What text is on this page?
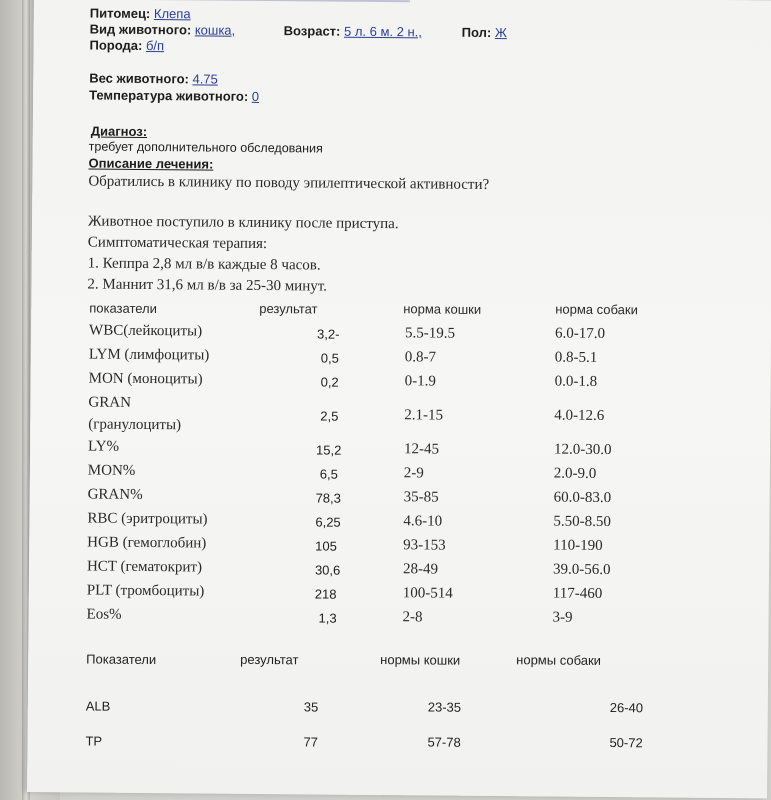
Питомец: Клепа
Вид животного: кошка,	Возраст: 5 л. 6 м. 2 н.,	Пол: Ж
Порода: б/п
Вес животного: 4.75
Температура животного: 0
Диагноз:
требует дополнительного обследования
Описание лечения:
Обратились в клинику по поводу эпилептической активности?
Животное поступило в клинику после приступа.
Симптоматическая терапия:
1. Кеппра 2,8 мл в/в каждые 8 часов.
2. Маннит 31,6 мл в/в за 25-30 минут.
показатели	результат	норма кошки	норма собаки
WBC(лейкоциты)	3,2-	5.5-19.5	6.0-17.0
LYM (лимфоциты)	0,5	0.8-7	0.8-5.1
MON (моноциты)	0,2	0-1.9	0.0-1.8
GRAN
(гранулоциты)
2,5	2.1-15	4.0-12.6
LY%	15,2	12-45	12.0-30.0
MON%	6,5	2-9	2.0-9.0
GRAN%	78,3	35-85	60.0-83.0
RBC (эритроциты)	6,25	4.6-10	5.50-8.50
HGB (гемоглобин)	105	93-153	110-190
HCT (гематокрит)	30,6	28-49	39.0-56.0
PLT (тромбоциты)	218	100-514	117-460
Eos%	1,3	2-8	3-9
Показатели	результат	нормы кошки	нормы собаки
ALB	35	23-35	26-40
TP	77	57-78	50-72
